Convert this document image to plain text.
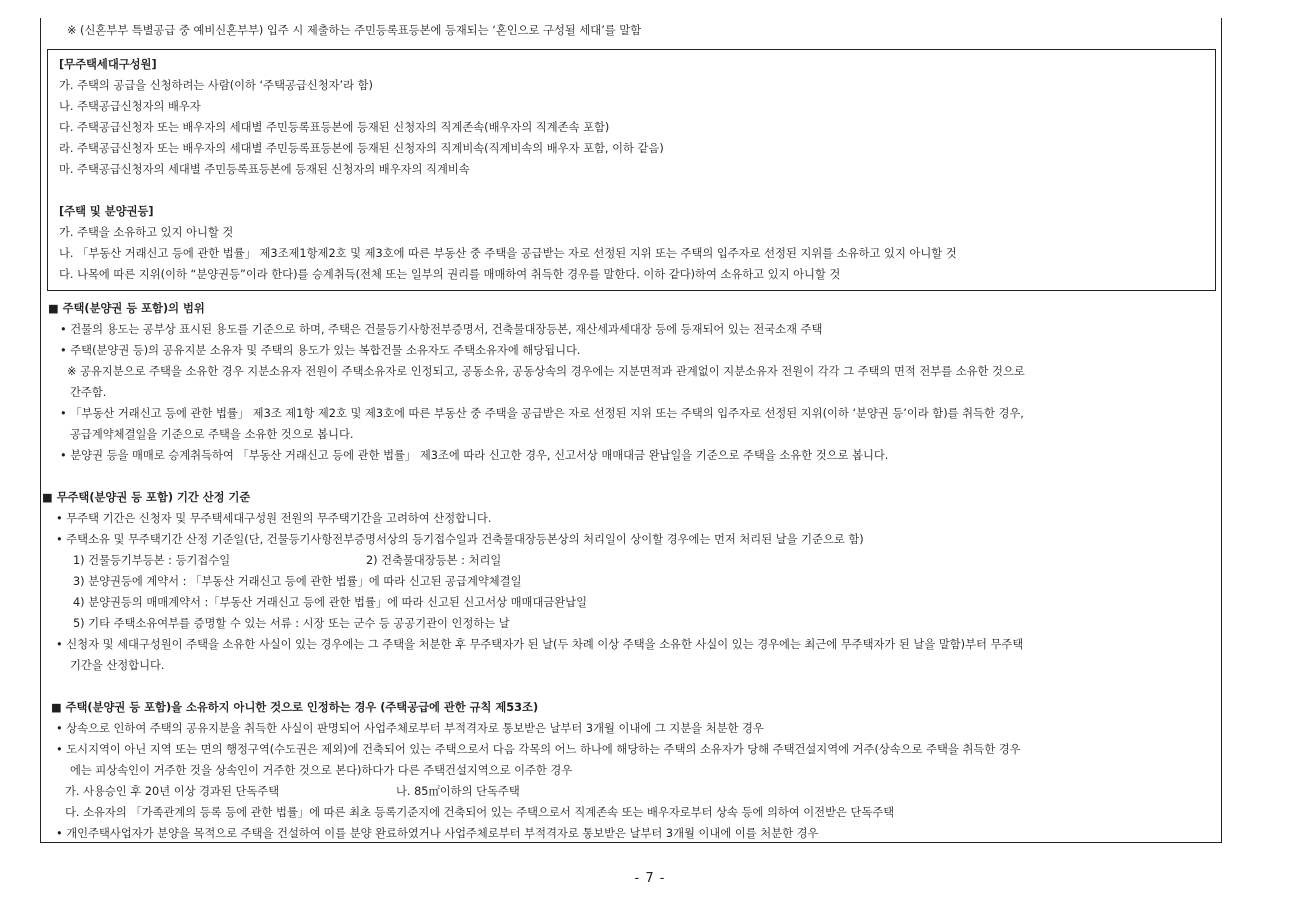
※ (신혼부부 특별공급 중 예비신혼부부) 입주 시 제출하는 주민등록표등본에 등재되는 ‘혼인으로 구성될 세대’를 말함
[무주택세대구성원]
가. 주택의 공급을 신청하려는 사람(이하 ‘주택공급신청자’라 함)
나. 주택공급신청자의 배우자
다. 주택공급신청자 또는 배우자의 세대별 주민등록표등본에 등재된 신청자의 직계존속(배우자의 직계존속 포함)
라. 주택공급신청자 또는 배우자의 세대별 주민등록표등본에 등재된 신청자의 직계비속(직계비속의 배우자 포함, 이하 같음)
마. 주택공급신청자의 세대별 주민등록표등본에 등재된 신청자의 배우자의 직계비속
[주택 및 분양권등]
가. 주택을 소유하고 있지 아니할 것
나. 「부동산 거래신고 등에 관한 법률」 제3조제1항제2호 및 제3호에 따른 부동산 중 주택을 공급받는 자로 선정된 지위 또는 주택의 입주자로 선정된 지위를 소유하고 있지 아니할 것
다. 나목에 따른 지위(이하 “분양권등”이라 한다)를 승계취득(전체 또는 일부의 권리를 매매하여 취득한 경우를 말한다. 이하 같다)하여 소유하고 있지 아니할 것
■ 주택(분양권 등 포함)의 범위
• 건물의 용도는 공부상 표시된 용도를 기준으로 하며, 주택은 건물등기사항전부증명서, 건축물대장등본, 재산세과세대장 등에 등재되어 있는 전국소재 주택
• 주택(분양권 등)의 공유지분 소유자 및 주택의 용도가 있는 복합건물 소유자도 주택소유자에 해당됩니다.
※ 공유지분으로 주택을 소유한 경우 지분소유자 전원이 주택소유자로 인정되고, 공동소유, 공동상속의 경우에는 지분면적과 관계없이 지분소유자 전원이 각각 그 주택의 면적 전부를 소유한 것으로
간주함.
• 「부동산 거래신고 등에 관한 법률」 제3조 제1항 제2호 및 제3호에 따른 부동산 중 주택을 공급받은 자로 선정된 지위 또는 주택의 입주자로 선정된 지위(이하 ‘분양권 등’이라 함)를 취득한 경우,
공급계약체결일을 기준으로 주택을 소유한 것으로 봅니다.
• 분양권 등을 매매로 승계취득하여 「부동산 거래신고 등에 관한 법률」 제3조에 따라 신고한 경우, 신고서상 매매대금 완납일을 기준으로 주택을 소유한 것으로 봅니다.
■ 무주택(분양권 등 포함) 기간 산정 기준
• 무주택 기간은 신청자 및 무주택세대구성원 전원의 무주택기간을 고려하여 산정합니다.
• 주택소유 및 무주택기간 산정 기준일(단, 건물등기사항전부증명서상의 등기접수일과 건축물대장등본상의 처리일이 상이할 경우에는 먼저 처리된 날을 기준으로 함)
1) 건물등기부등본 : 등기접수일	2) 건축물대장등본 : 처리일
3) 분양권등에 계약서 : 「부동산 거래신고 등에 관한 법률」에 따라 신고된 공급계약체결일
4) 분양권등의 매매계약서 :「부동산 거래신고 등에 관한 법률」에 따라 신고된 신고서상 매매대금완납일
5) 기타 주택소유여부를 증명할 수 있는 서류 : 시장 또는 군수 등 공공기관이 인정하는 날
• 신청자 및 세대구성원이 주택을 소유한 사실이 있는 경우에는 그 주택을 처분한 후 무주택자가 된 날(두 차례 이상 주택을 소유한 사실이 있는 경우에는 최근에 무주택자가 된 날을 말함)부터 무주택
기간을 산정합니다.
■ 주택(분양권 등 포함)을 소유하지 아니한 것으로 인정하는 경우 (주택공급에 관한 규칙 제53조)
• 상속으로 인하여 주택의 공유지분을 취득한 사실이 판명되어 사업주체로부터 부적격자로 통보받은 날부터 3개월 이내에 그 지분을 처분한 경우
• 도시지역이 아닌 지역 또는 면의 행정구역(수도권은 제외)에 건축되어 있는 주택으로서 다음 각목의 어느 하나에 해당하는 주택의 소유자가 당해 주택건설지역에 거주(상속으로 주택을 취득한 경우
에는 피상속인이 거주한 것을 상속인이 거주한 것으로 본다)하다가 다른 주택건설지역으로 이주한 경우
가. 사용승인 후 20년 이상 경과된 단독주택	나. 85㎡이하의 단독주택
다. 소유자의 「가족관계의 등록 등에 관한 법률」에 따른 최초 등록기준지에 건축되어 있는 주택으로서 직계존속 또는 배우자로부터 상속 등에 의하여 이전받은 단독주택
• 개인주택사업자가 분양을 목적으로 주택을 건설하여 이를 분양 완료하였거나 사업주체로부터 부적격자로 통보받은 날부터 3개월 이내에 이를 처분한 경우
- 7 -
